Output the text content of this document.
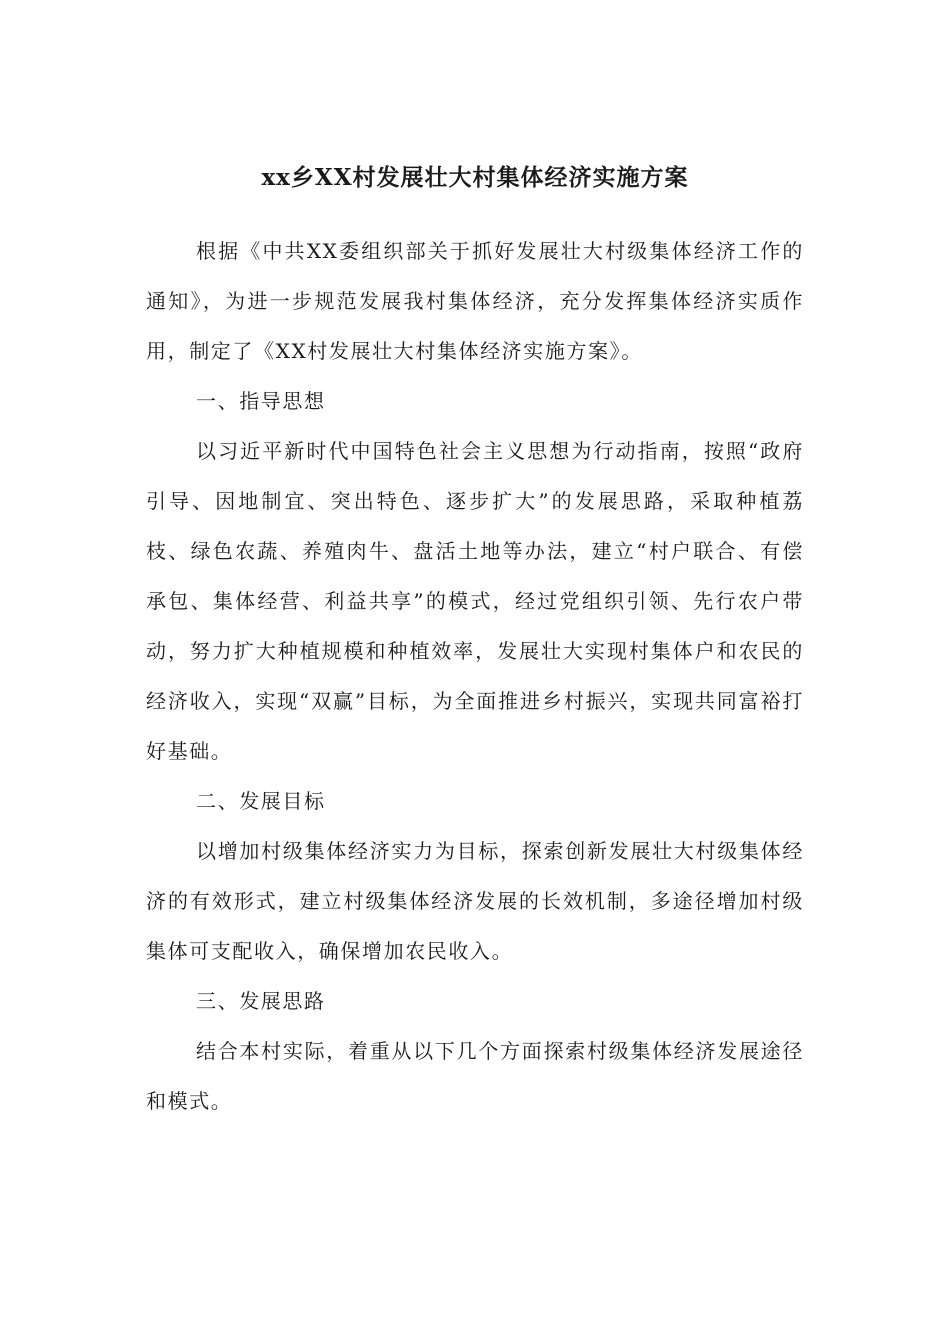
xx乡XX村发展壮大村集体经济实施方案

根据《中共XX委组织部关于抓好发展壮大村级集体经济工作的通知》，为进一步规范发展我村集体经济，充分发挥集体经济实质作用，制定了《XX村发展壮大村集体经济实施方案》。

一、指导思想

以习近平新时代中国特色社会主义思想为行动指南，按照“政府引导、因地制宜、突出特色、逐步扩大”的发展思路，采取种植荔枝、绿色农蔬、养殖肉牛、盘活土地等办法，建立“村户联合、有偿承包、集体经营、利益共享”的模式，经过党组织引领、先行农户带动，努力扩大种植规模和种植效率，发展壮大实现村集体户和农民的经济收入，实现“双赢”目标，为全面推进乡村振兴，实现共同富裕打好基础。

二、发展目标

以增加村级集体经济实力为目标，探索创新发展壮大村级集体经济的有效形式，建立村级集体经济发展的长效机制，多途径增加村级集体可支配收入，确保增加农民收入。

三、发展思路

结合本村实际，着重从以下几个方面探索村级集体经济发展途径和模式。
